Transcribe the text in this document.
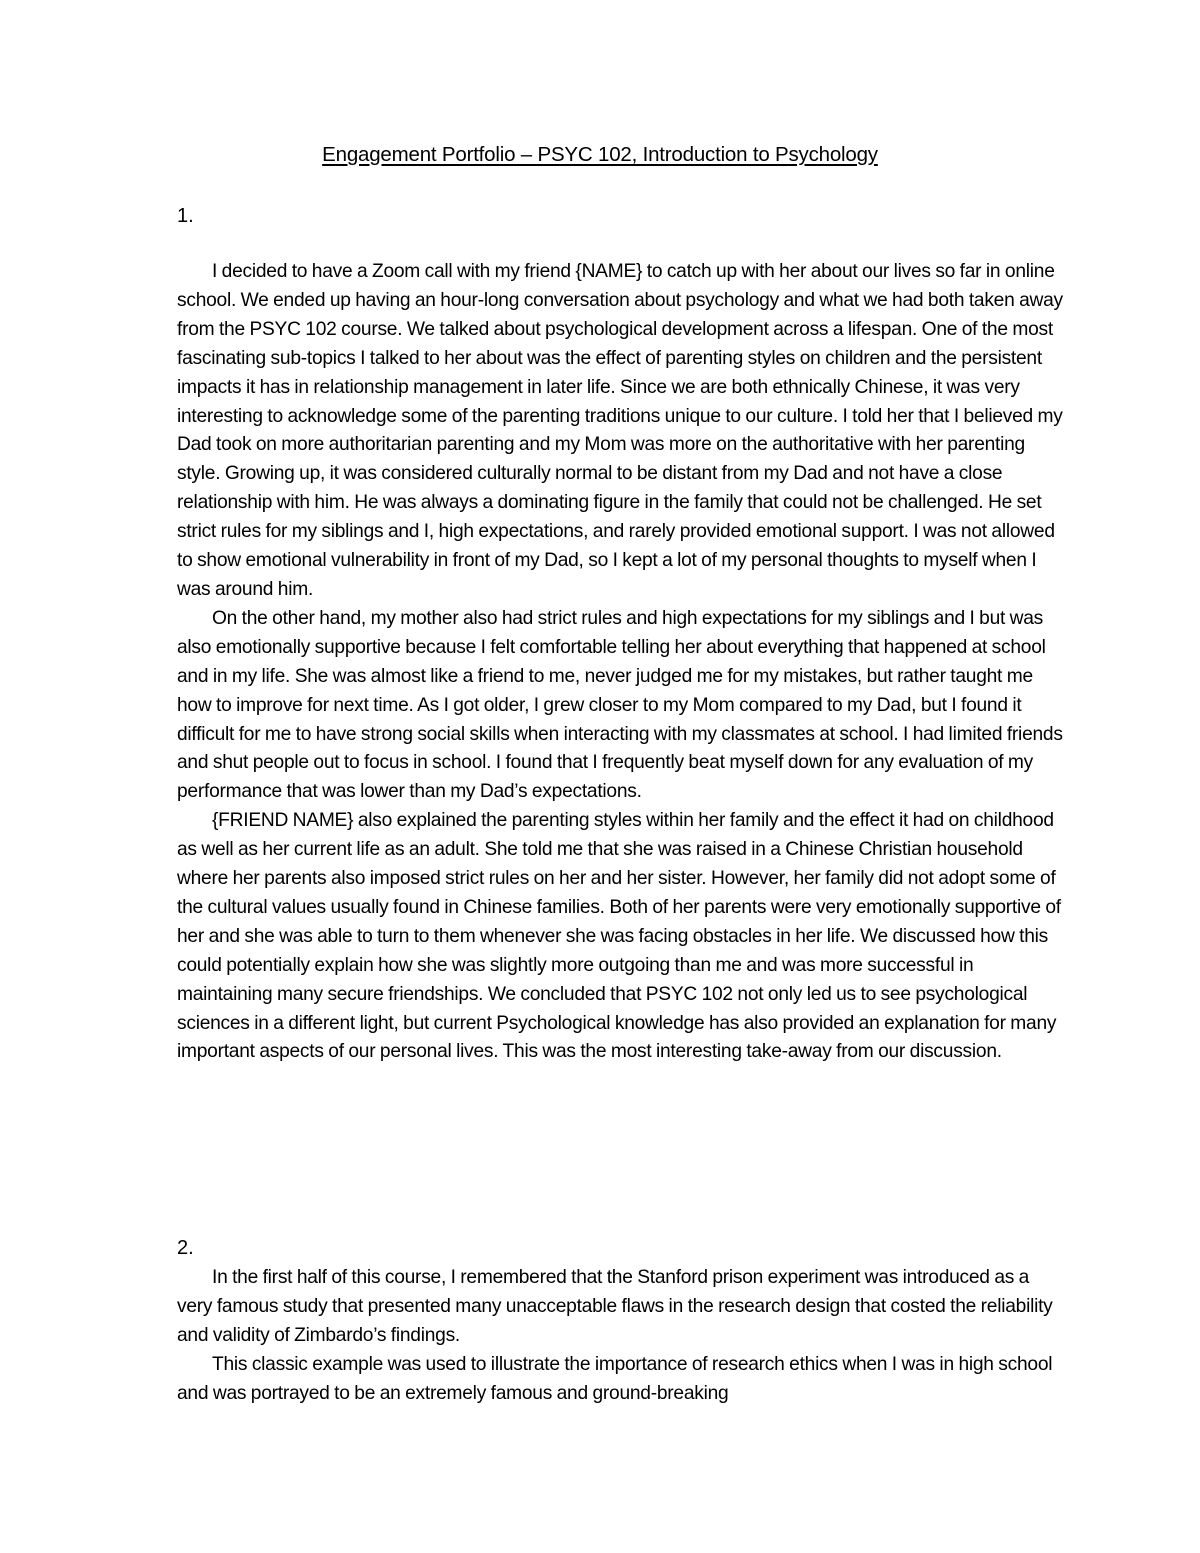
Engagement Portfolio – PSYC 102, Introduction to Psychology
1.

I decided to have a Zoom call with my friend {NAME} to catch up with her about our lives so far in online school. We ended up having an hour-long conversation about psychology and what we had both taken away from the PSYC 102 course. We talked about psychological development across a lifespan. One of the most fascinating sub-topics I talked to her about was the effect of parenting styles on children and the persistent impacts it has in relationship management in later life. Since we are both ethnically Chinese, it was very interesting to acknowledge some of the parenting traditions unique to our culture. I told her that I believed my Dad took on more authoritarian parenting and my Mom was more on the authoritative with her parenting style. Growing up, it was considered culturally normal to be distant from my Dad and not have a close relationship with him. He was always a dominating figure in the family that could not be challenged. He set strict rules for my siblings and I, high expectations, and rarely provided emotional support. I was not allowed to show emotional vulnerability in front of my Dad, so I kept a lot of my personal thoughts to myself when I was around him.

On the other hand, my mother also had strict rules and high expectations for my siblings and I but was also emotionally supportive because I felt comfortable telling her about everything that happened at school and in my life. She was almost like a friend to me, never judged me for my mistakes, but rather taught me how to improve for next time. As I got older, I grew closer to my Mom compared to my Dad, but I found it difficult for me to have strong social skills when interacting with my classmates at school. I had limited friends and shut people out to focus in school. I found that I frequently beat myself down for any evaluation of my performance that was lower than my Dad’s expectations.

{FRIEND NAME} also explained the parenting styles within her family and the effect it had on childhood as well as her current life as an adult. She told me that she was raised in a Chinese Christian household where her parents also imposed strict rules on her and her sister. However, her family did not adopt some of the cultural values usually found in Chinese families. Both of her parents were very emotionally supportive of her and she was able to turn to them whenever she was facing obstacles in her life. We discussed how this could potentially explain how she was slightly more outgoing than me and was more successful in maintaining many secure friendships. We concluded that PSYC 102 not only led us to see psychological sciences in a different light, but current Psychological knowledge has also provided an explanation for many important aspects of our personal lives. This was the most interesting take-away from our discussion.

2.

In the first half of this course, I remembered that the Stanford prison experiment was introduced as a very famous study that presented many unacceptable flaws in the research design that costed the reliability and validity of Zimbardo’s findings.

This classic example was used to illustrate the importance of research ethics when I was in high school and was portrayed to be an extremely famous and ground-breaking
